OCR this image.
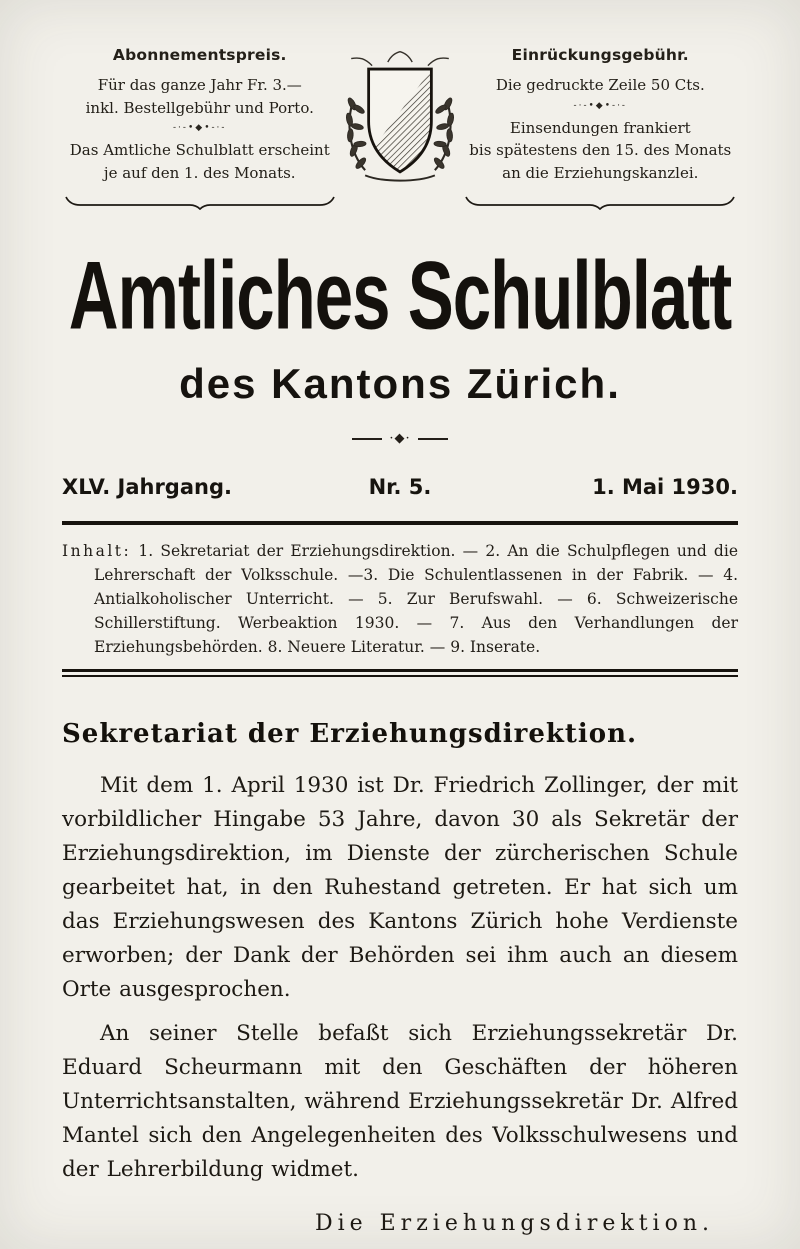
Abonnementspreis.
Für das ganze Jahr Fr. 3.—
inkl. Bestellgebühr und Porto.
-·-•◆•-·-
Das Amtliche Schulblatt erscheint
je auf den 1. des Monats.
Einrückungsgebühr.
Die gedruckte Zeile 50 Cts.
-·-•◆•-·-
Einsendungen frankiert
bis spätestens den 15. des Monats
an die Erziehungskanzlei.
Amtliches Schulblatt
des Kantons Zürich.
·◆·
XLV. Jahrgang.	Nr. 5.	1. Mai 1930.

Inhalt: 1. Sekretariat der Erziehungsdirektion. — 2. An die Schulpflegen und die Lehrerschaft der Volksschule. —3. Die Schulentlassenen in der Fabrik. — 4. Antialkoholischer Unterricht. — 5. Zur Berufswahl. — 6. Schweizerische Schillerstiftung. Werbeaktion 1930. — 7. Aus den Verhandlungen der Erziehungsbehörden. 8. Neuere Literatur. — 9. Inserate.

Sekretariat der Erziehungsdirektion.

Mit dem 1. April 1930 ist Dr. Friedrich Zollinger, der mit vorbildlicher Hingabe 53 Jahre, davon 30 als Sekretär der Erziehungsdirektion, im Dienste der zürcherischen Schule gearbeitet hat, in den Ruhestand getreten. Er hat sich um das Erziehungswesen des Kantons Zürich hohe Verdienste erworben; der Dank der Behörden sei ihm auch an diesem Orte ausgesprochen.

An seiner Stelle befaßt sich Erziehungssekretär Dr. Eduard Scheurmann mit den Geschäften der höheren Unterrichtsanstalten, während Erziehungssekretär Dr. Alfred Mantel sich den Angelegenheiten des Volksschulwesens und der Lehrerbildung widmet.

Die Erziehungsdirektion.
